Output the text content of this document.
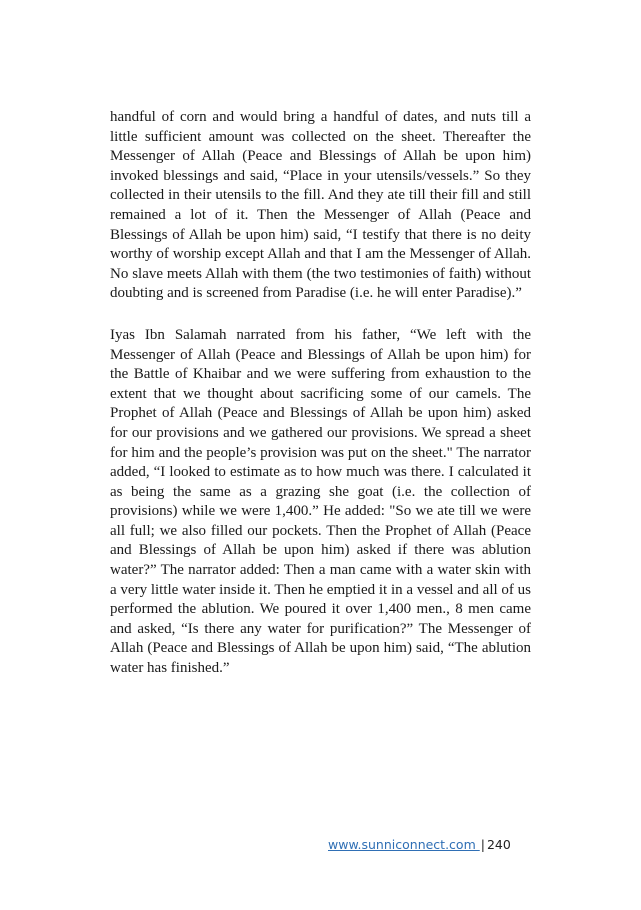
handful of corn and would bring a handful of dates, and nuts till a little sufficient amount was collected on the sheet. Thereafter the Messenger of Allah (Peace and Blessings of Allah be upon him) invoked blessings and said, “Place in your utensils/vessels.” So they collected in their utensils to the fill. And they ate till their fill and still remained a lot of it. Then the Messenger of Allah (Peace and Blessings of Allah be upon him) said, “I testify that there is no deity worthy of worship except Allah and that I am the Messenger of Allah. No slave meets Allah with them (the two testimonies of faith) without doubting and is screened from Paradise (i.e. he will enter Paradise).”

Iyas Ibn Salamah narrated from his father, “We left with the Messenger of Allah (Peace and Blessings of Allah be upon him) for the Battle of Khaibar and we were suffering from exhaustion to the extent that we thought about sacrificing some of our camels. The Prophet of Allah (Peace and Blessings of Allah be upon him) asked for our provisions and we gathered our provisions. We spread a sheet for him and the people’s provision was put on the sheet." The narrator added, “I looked to estimate as to how much was there. I calculated it as being the same as a grazing she goat (i.e. the collection of provisions) while we were 1,400.” He added: "So we ate till we were all full; we also filled our pockets. Then the Prophet of Allah (Peace and Blessings of Allah be upon him) asked if there was ablution water?” The narrator added: Then a man came with a water skin with a very little water inside it. Then he emptied it in a vessel and all of us performed the ablution. We poured it over 1,400 men., 8 men came and asked, “Is there any water for purification?” The Messenger of Allah (Peace and Blessings of Allah be upon him) said, “The ablution water has finished.”

www.sunniconnect.com | 240
